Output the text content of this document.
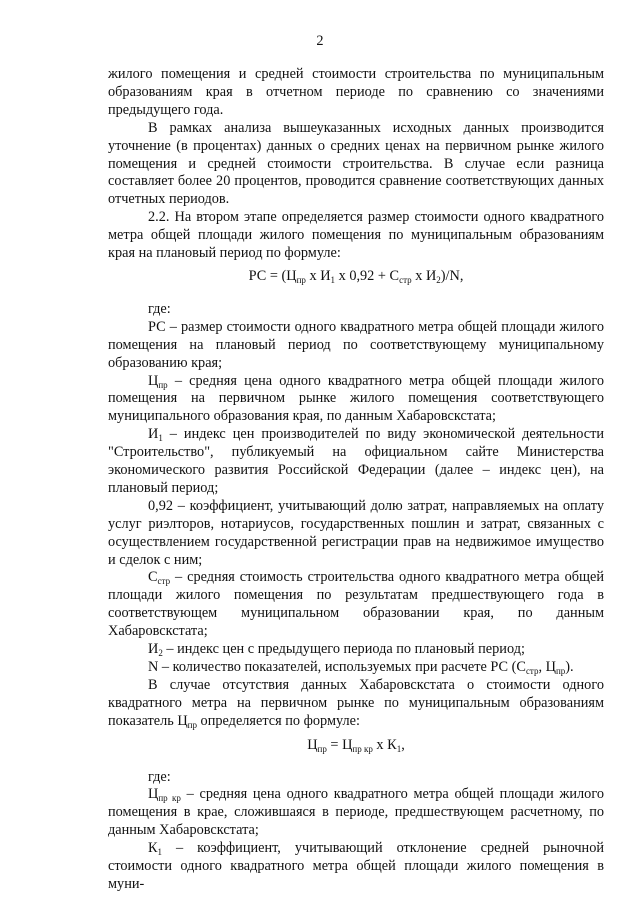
2

жилого помещения и средней стоимости строительства по муниципальным образованиям края в отчетном периоде по сравнению со значениями предыдущего года.

В рамках анализа вышеуказанных исходных данных производится уточнение (в процентах) данных о средних ценах на первичном рынке жилого помещения и средней стоимости строительства. В случае если разница составляет более 20 процентов, проводится сравнение соответствующих данных отчетных периодов.

2.2. На втором этапе определяется размер стоимости одного квадратного метра общей площади жилого помещения по муниципальным образованиям края на плановый период по формуле:

РС = ($Ц_{пр}$ х $И_1$ х $0,92 + С_{стр}$ х $И_2)/N$,

где:

РС – размер стоимости одного квадратного метра общей площади жилого помещения на плановый период по соответствующему муниципальному образованию края;

$Ц_{пр}$ – средняя цена одного квадратного метра общей площади жилого помещения на первичном рынке жилого помещения соответствующего муниципального образования края, по данным Хабаровскстата;

$И_1$ – индекс цен производителей по виду экономической деятельности "Строительство", публикуемый на официальном сайте Министерства экономического развития Российской Федерации (далее – индекс цен), на плановый период;

0,92 – коэффициент, учитывающий долю затрат, направляемых на оплату услуг риэлторов, нотариусов, государственных пошлин и затрат, связанных с осуществлением государственной регистрации прав на недвижимое имущество и сделок с ним;

$С_{стр}$ – средняя стоимость строительства одного квадратного метра общей площади жилого помещения по результатам предшествующего года в соответствующем муниципальном образовании края, по данным Хабаровскстата;

$И_2$ – индекс цен с предыдущего периода по плановый период;

N – количество показателей, используемых при расчете РС ($С_{стр}$, $Ц_{пр}$).

В случае отсутствия данных Хабаровскстата о стоимости одного квадратного метра на первичном рынке по муниципальным образованиям показатель $Ц_{пр}$ определяется по формуле:

$Ц_{пр} = Ц_{пр кр}$ х $К_1$,

где:

$Ц_{пр кр}$ – средняя цена одного квадратного метра общей площади жилого помещения в крае, сложившаяся в периоде, предшествующем расчетному, по данным Хабаровскстата;

$К_1$ – коэффициент, учитывающий отклонение средней рыночной стоимости одного квадратного метра общей площади жилого помещения в муни-
